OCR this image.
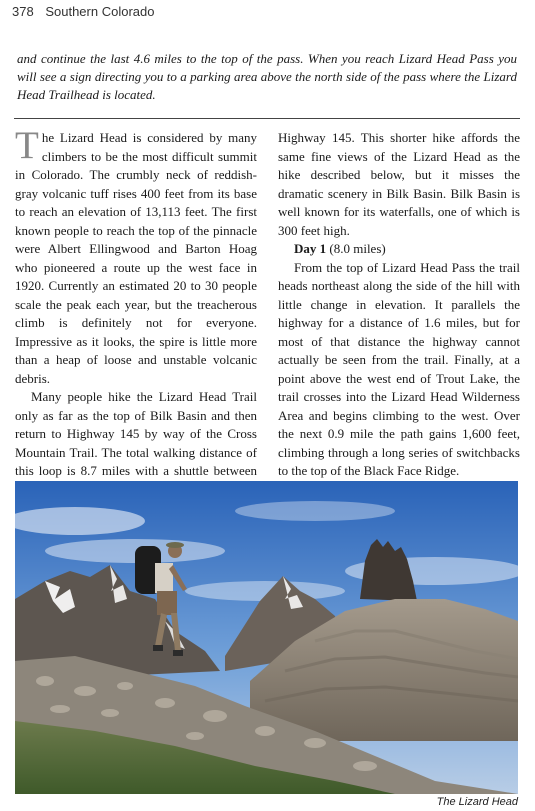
378 Southern Colorado
and continue the last 4.6 miles to the top of the pass. When you reach Lizard Head Pass you will see a sign directing you to a parking area above the north side of the pass where the Lizard Head Trailhead is located.

The Lizard Head is considered by many climbers to be the most difficult summit in Colorado. The crumbly neck of reddish-gray volcanic tuff rises 400 feet from its base to reach an elevation of 13,113 feet. The first known people to reach the top of the pinnacle were Albert Ellingwood and Barton Hoag who pioneered a route up the west face in 1920. Currently an estimated 20 to 30 people scale the peak each year, but the treacherous climb is definitely not for everyone. Impressive as it looks, the spire is little more than a heap of loose and unstable volcanic debris.

Many people hike the Lizard Head Trail only as far as the top of Bilk Basin and then return to Highway 145 by way of the Cross Mountain Trail. The total walking distance of this loop is 8.7 miles with a shuttle between

Highway 145. This shorter hike affords the same fine views of the Lizard Head as the hike described below, but it misses the dramatic scenery in Bilk Basin. Bilk Basin is well known for its waterfalls, one of which is 300 feet high.

Day 1 (8.0 miles)

From the top of Lizard Head Pass the trail heads northeast along the side of the hill with little change in elevation. It parallels the highway for a distance of 1.6 miles, but for most of that distance the highway cannot actually be seen from the trail. Finally, at a point above the west end of Trout Lake, the trail crosses into the Lizard Head Wilderness Area and begins climbing to the west. Over the next 0.9 mile the path gains 1,600 feet, climbing through a long series of switchbacks to the top of the Black Face Ridge.

The Lizard Head
